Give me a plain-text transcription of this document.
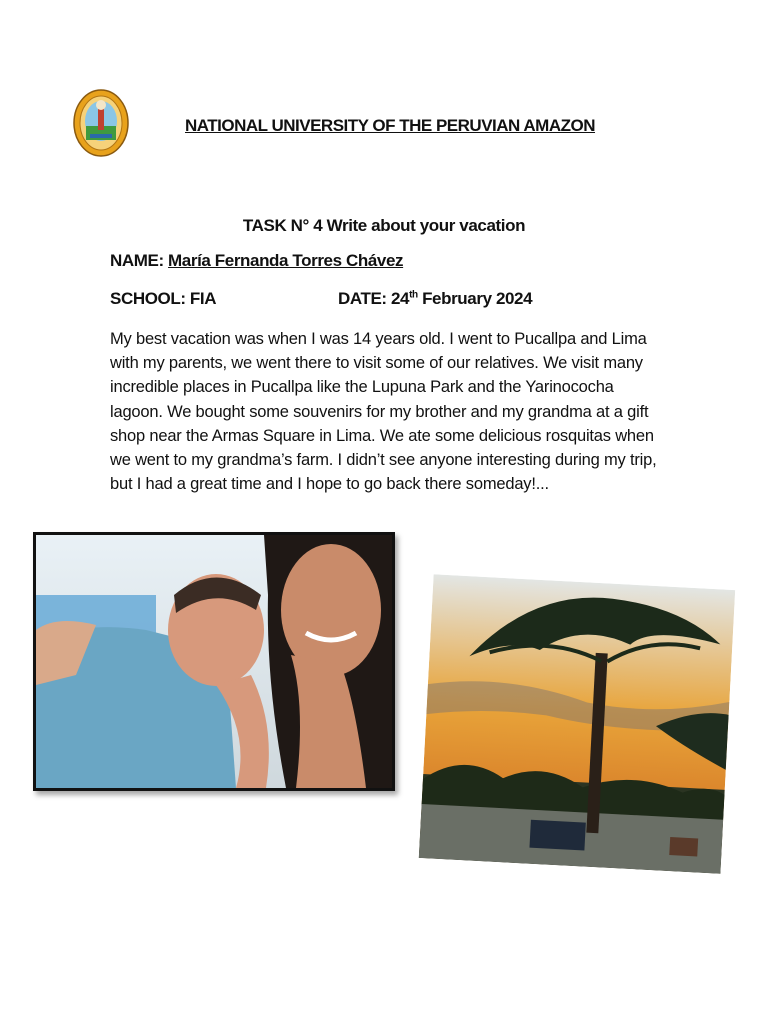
NATIONAL UNIVERSITY OF THE PERUVIAN AMAZON
TASK N° 4 Write about your vacation
NAME: María Fernanda Torres Chávez
SCHOOL: FIA	DATE: 24th February 2024
My best vacation was when I was 14 years old. I went to Pucallpa and Lima with my parents, we went there to visit some of our relatives. We visit many incredible places in Pucallpa like the Lupuna Park and the Yarinococha lagoon. We bought some souvenirs for my brother and my grandma at a gift shop near the Armas Square in Lima. We ate some delicious rosquitas when we went to my grandma’s farm. I didn’t see anyone interesting during my trip, but I had a great time and I hope to go back there someday!...
